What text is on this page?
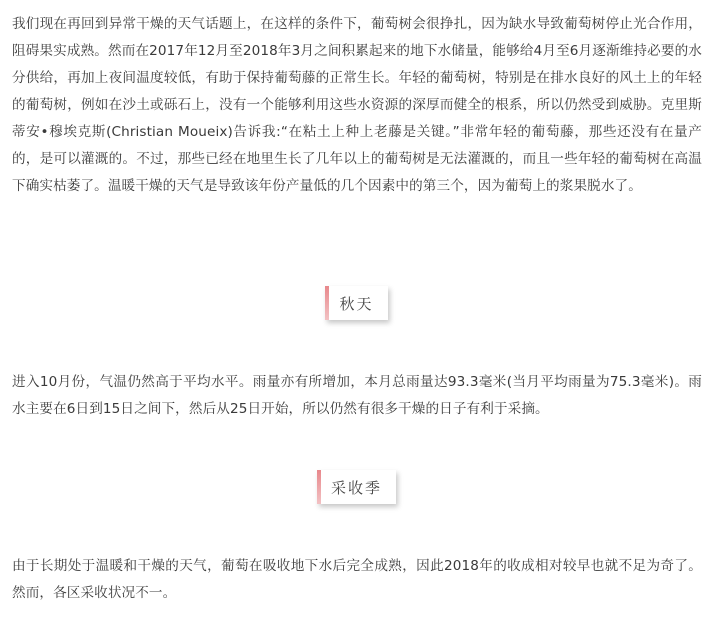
我们现在再回到异常干燥的天气话题上，在这样的条件下，葡萄树会很挣扎，因为缺水导致葡萄树停止光合作用，阻碍果实成熟。然而在2017年12月至2018年3月之间积累起来的地下水储量，能够给4月至6月逐渐维持必要的水分供给，再加上夜间温度较低，有助于保持葡萄藤的正常生长。年轻的葡萄树，特别是在排水良好的风土上的年轻的葡萄树，例如在沙土或砾石上，没有一个能够利用这些水资源的深厚而健全的根系，所以仍然受到威胁。克里斯蒂安•穆埃克斯(Christian Moueix)告诉我:“在粘土上种上老藤是关键。”非常年轻的葡萄藤，那些还没有在量产的，是可以灌溉的。不过，那些已经在地里生长了几年以上的葡萄树是无法灌溉的，而且一些年轻的葡萄树在高温下确实枯萎了。温暖干燥的天气是导致该年份产量低的几个因素中的第三个，因为葡萄上的浆果脱水了。

秋天

进入10月份，气温仍然高于平均水平。雨量亦有所增加，本月总雨量达93.3毫米(当月平均雨量为75.3毫米)。雨水主要在6日到15日之间下，然后从25日开始，所以仍然有很多干燥的日子有利于采摘。

采收季

由于长期处于温暖和干燥的天气，葡萄在吸收地下水后完全成熟，因此2018年的收成相对较早也就不足为奇了。然而，各区采收状况不一。
